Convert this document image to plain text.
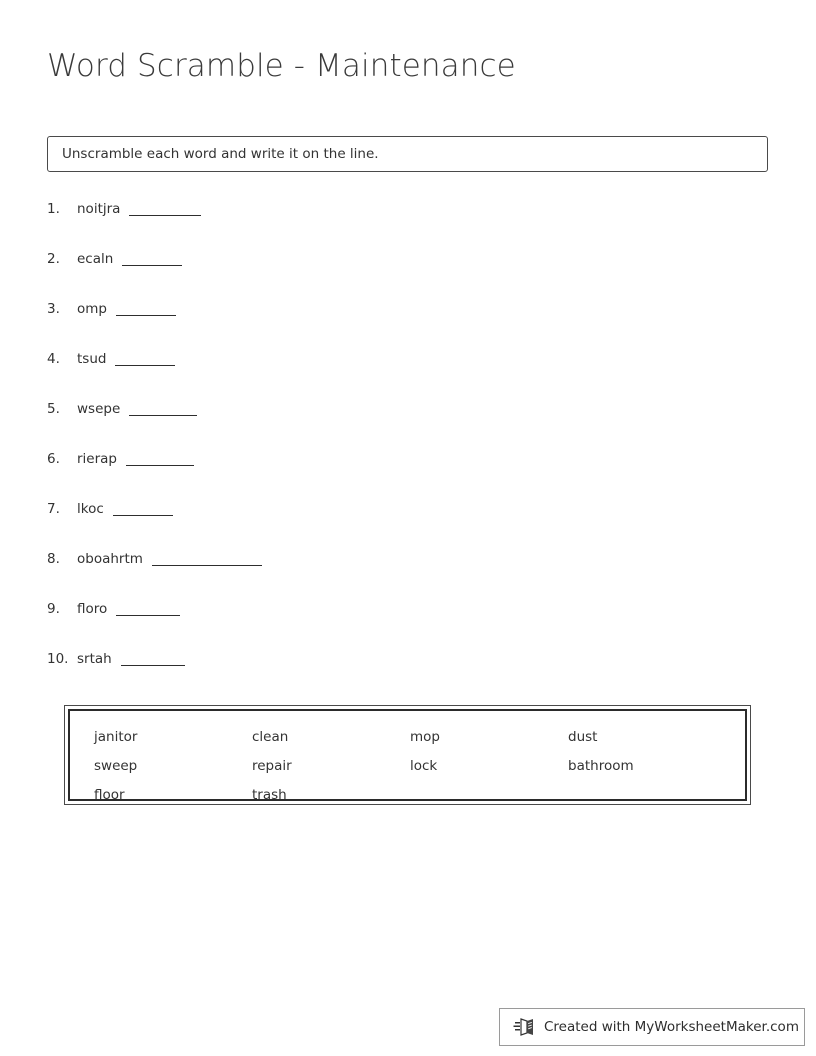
Word Scramble - Maintenance
Unscramble each word and write it on the line.
1.	noitjra
2.	ecaln
3.	omp
4.	tsud
5.	wsepe
6.	rierap
7.	lkoc
8.	oboahrtm
9.	floro
10. srtah
janitor	clean	mop	dust
sweep	repair	lock	bathroom
floor	trash
Created with MyWorksheetMaker.com
